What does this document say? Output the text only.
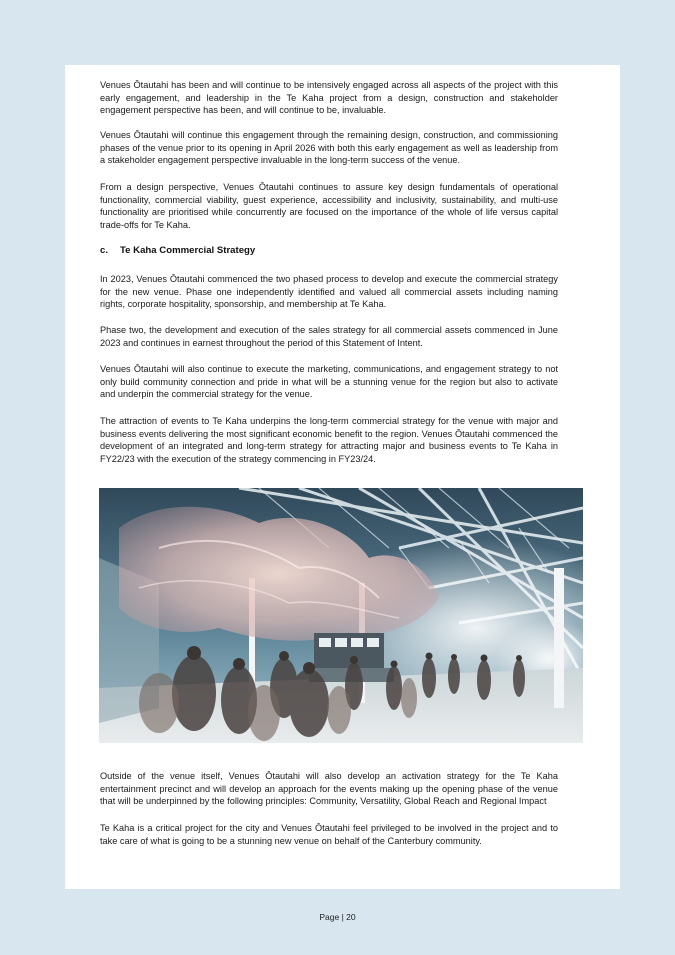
Venues Ōtautahi has been and will continue to be intensively engaged across all aspects of the project with this early engagement, and leadership in the Te Kaha project from a design, construction and stakeholder engagement perspective has been, and will continue to be, invaluable.

Venues Ōtautahi will continue this engagement through the remaining design, construction, and commissioning phases of the venue prior to its opening in April 2026 with both this early engagement as well as leadership from a stakeholder engagement perspective invaluable in the long-term success of the venue.

From a design perspective, Venues Ōtautahi continues to assure key design fundamentals of operational functionality, commercial viability, guest experience, accessibility and inclusivity, sustainability, and multi-use functionality are prioritised while concurrently are focused on the importance of the whole of life versus capital trade-offs for Te Kaha.

c. Te Kaha Commercial Strategy

In 2023, Venues Ōtautahi commenced the two phased process to develop and execute the commercial strategy for the new venue. Phase one independently identified and valued all commercial assets including naming rights, corporate hospitality, sponsorship, and membership at Te Kaha.

Phase two, the development and execution of the sales strategy for all commercial assets commenced in June 2023 and continues in earnest throughout the period of this Statement of Intent.

Venues Ōtautahi will also continue to execute the marketing, communications, and engagement strategy to not only build community connection and pride in what will be a stunning venue for the region but also to activate and underpin the commercial strategy for the venue.

The attraction of events to Te Kaha underpins the long-term commercial strategy for the venue with major and business events delivering the most significant economic benefit to the region. Venues Ōtautahi commenced the development of an integrated and long-term strategy for attracting major and business events to Te Kaha in FY22/23 with the execution of the strategy commencing in FY23/24.

Outside of the venue itself, Venues Ōtautahi will also develop an activation strategy for the Te Kaha entertainment precinct and will develop an approach for the events making up the opening phase of the venue that will be underpinned by the following principles: Community, Versatility, Global Reach and Regional Impact

Te Kaha is a critical project for the city and Venues Ōtautahi feel privileged to be involved in the project and to take care of what is going to be a stunning new venue on behalf of the Canterbury community.

Page | 20
